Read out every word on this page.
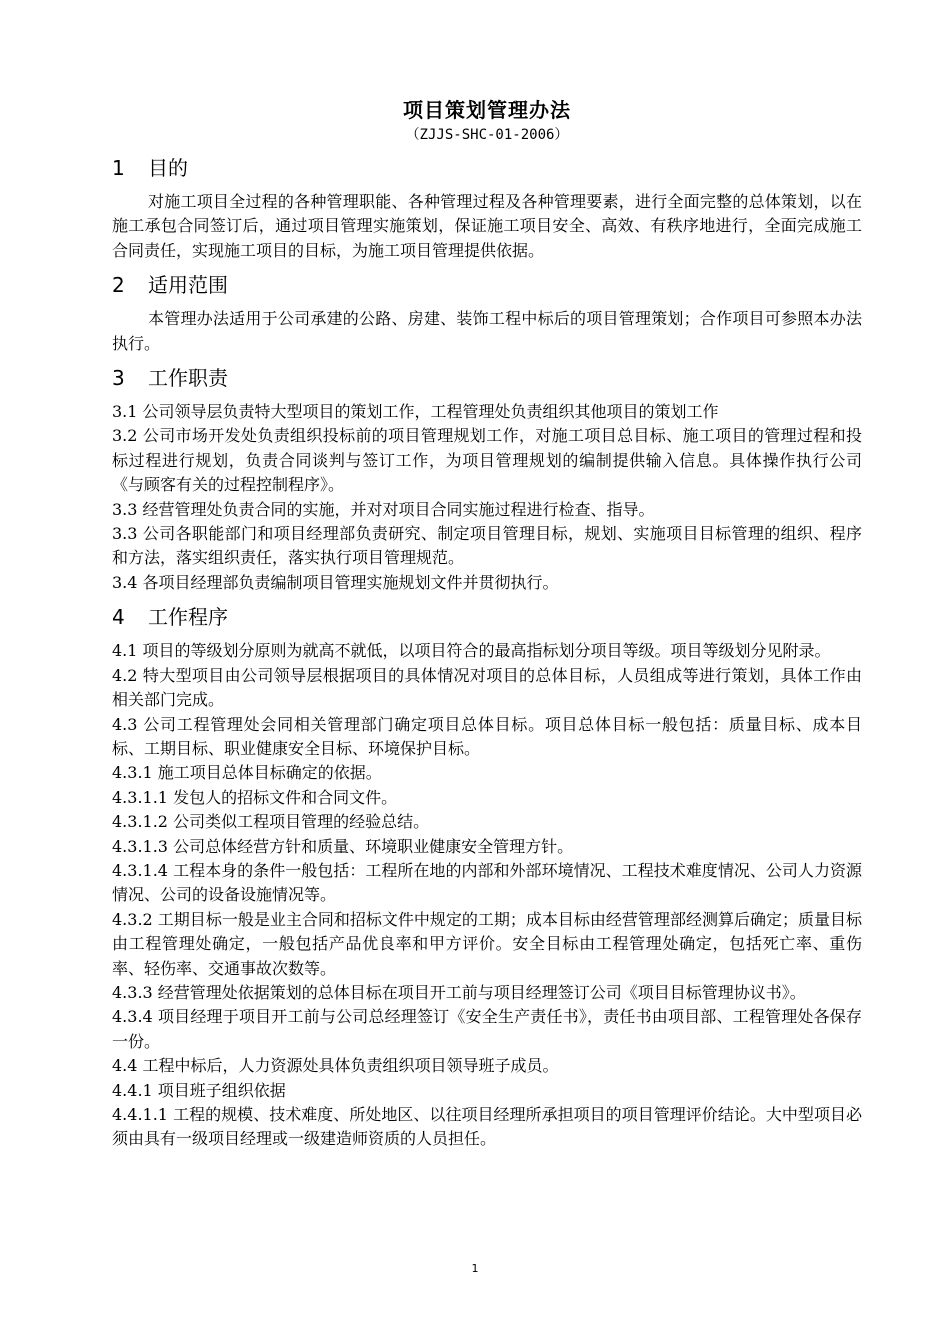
项目策划管理办法
（ZJJS-SHC-01-2006）
1	目的

对施工项目全过程的各种管理职能、各种管理过程及各种管理要素，进行全面完整的总体策划，以在施工承包合同签订后，通过项目管理实施策划，保证施工项目安全、高效、有秩序地进行，全面完成施工合同责任，实现施工项目的目标，为施工项目管理提供依据。

2	适用范围

本管理办法适用于公司承建的公路、房建、装饰工程中标后的项目管理策划；合作项目可参照本办法执行。

3	工作职责

3.1 公司领导层负责特大型项目的策划工作，工程管理处负责组织其他项目的策划工作

3.2 公司市场开发处负责组织投标前的项目管理规划工作，对施工项目总目标、施工项目的管理过程和投标过程进行规划，负责合同谈判与签订工作，为项目管理规划的编制提供输入信息。具体操作执行公司《与顾客有关的过程控制程序》。

3.3 经营管理处负责合同的实施，并对对项目合同实施过程进行检查、指导。

3.3 公司各职能部门和项目经理部负责研究、制定项目管理目标，规划、实施项目目标管理的组织、程序和方法，落实组织责任，落实执行项目管理规范。

3.4 各项目经理部负责编制项目管理实施规划文件并贯彻执行。

4	工作程序

4.1 项目的等级划分原则为就高不就低，以项目符合的最高指标划分项目等级。项目等级划分见附录。

4.2 特大型项目由公司领导层根据项目的具体情况对项目的总体目标，人员组成等进行策划，具体工作由相关部门完成。

4.3 公司工程管理处会同相关管理部门确定项目总体目标。项目总体目标一般包括：质量目标、成本目标、工期目标、职业健康安全目标、环境保护目标。

4.3.1 施工项目总体目标确定的依据。

4.3.1.1 发包人的招标文件和合同文件。

4.3.1.2 公司类似工程项目管理的经验总结。

4.3.1.3 公司总体经营方针和质量、环境职业健康安全管理方针。

4.3.1.4 工程本身的条件一般包括：工程所在地的内部和外部环境情况、工程技术难度情况、公司人力资源情况、公司的设备设施情况等。

4.3.2 工期目标一般是业主合同和招标文件中规定的工期；成本目标由经营管理部经测算后确定；质量目标由工程管理处确定，一般包括产品优良率和甲方评价。安全目标由工程管理处确定，包括死亡率、重伤率、轻伤率、交通事故次数等。

4.3.3 经营管理处依据策划的总体目标在项目开工前与项目经理签订公司《项目目标管理协议书》。

4.3.4 项目经理于项目开工前与公司总经理签订《安全生产责任书》，责任书由项目部、工程管理处各保存一份。

4.4 工程中标后，人力资源处具体负责组织项目领导班子成员。

4.4.1 项目班子组织依据

4.4.1.1 工程的规模、技术难度、所处地区、以往项目经理所承担项目的项目管理评价结论。大中型项目必须由具有一级项目经理或一级建造师资质的人员担任。

1
